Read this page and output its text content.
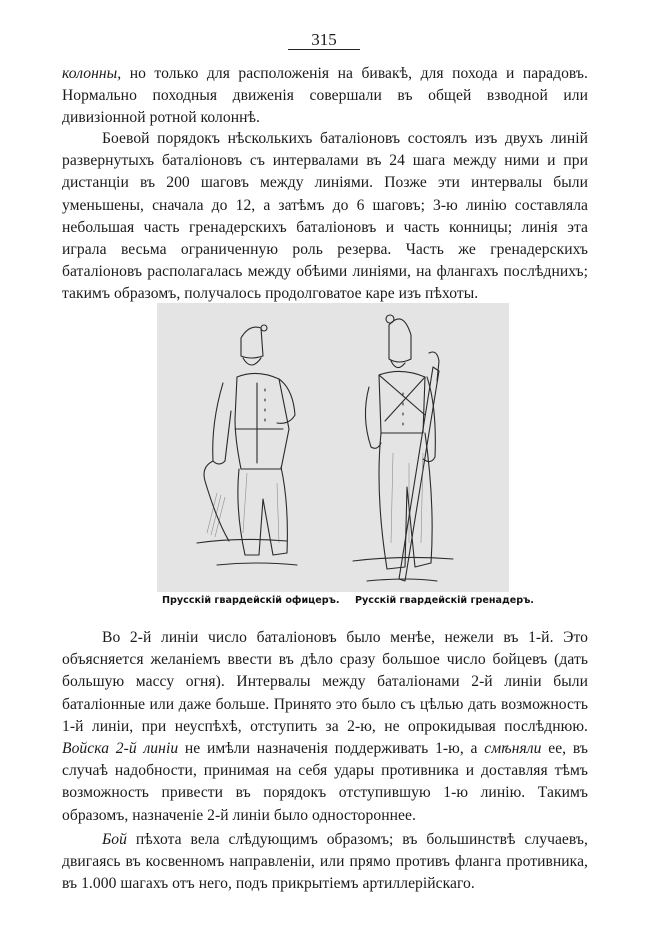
315

колонны, но только для расположенія на бивакѣ, для похода и парадовъ. Нормально походныя движенія совершали въ общей взводной или дивизіонной ротной колоннѣ.

Боевой порядокъ нѣсколькихъ баталіоновъ состоялъ изъ двухъ линій развернутыхъ баталіоновъ съ интервалами въ 24 шага между ними и при дистанціи въ 200 шаговъ между линіями. Позже эти интервалы были уменьшены, сначала до 12, а затѣмъ до 6 шаговъ; 3-ю линію составляла небольшая часть гренадерскихъ баталіоновъ и часть конницы; линія эта играла весьма ограниченную роль резерва. Часть же гренадерскихъ баталіоновъ располагалась между обѣими линіями, на флангахъ послѣднихъ; такимъ образомъ, получалось продолговатое каре изъ пѣхоты.

Прусскій гвардейскій офицеръ. Русскій гвардейскій гренадеръ.

Во 2-й линіи число баталіоновъ было менѣе, нежели въ 1-й. Это объясняется желаніемъ ввести въ дѣло сразу большое число бойцевъ (дать большую массу огня). Интервалы между баталіонами 2-й линіи были баталіонные или даже больше. Принято это было съ цѣлью дать возможность 1-й линіи, при неуспѣхѣ, отступить за 2-ю, не опрокидывая послѣднюю. Войска 2-й линіи не имѣли назначенія поддерживать 1-ю, а смѣняли ее, въ случаѣ надобности, принимая на себя удары противника и доставляя тѣмъ возможность привести въ порядокъ отступившую 1-ю линію. Такимъ образомъ, назначеніе 2-й линіи было одностороннее.

Бой пѣхота вела слѣдующимъ образомъ; въ большинствѣ случаевъ, двигаясь въ косвенномъ направленіи, или прямо противъ фланга противника, въ 1.000 шагахъ отъ него, подъ прикрытіемъ артиллерійскаго.
